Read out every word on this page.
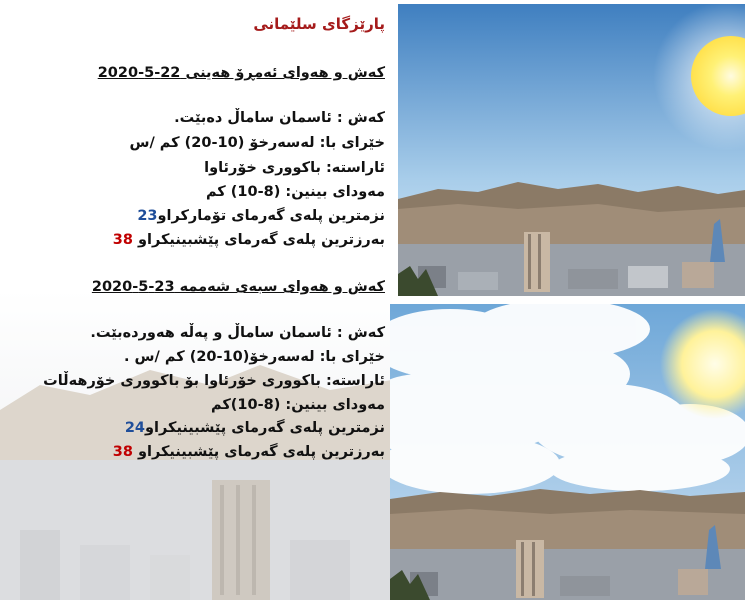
پارێزگای سلێمانی
کەش و هەوای ئەمڕۆ هەینی 22-5-2020
کەش : ئاسمان ساماڵ دەبێت.
خێرای با: لەسەرخۆ (10-20) کم /س
ئاراستە: باکووری خۆرئاوا
مەودای بینین: (8-10) کم
نزمترین پلەی گەرمای تۆمارکراو23
بەرزترین پلەی گەرمای پێشبینیکراو 38
کەش و هەوای سبەی شەممە 23-5-2020
کەش : ئاسمان ساماڵ و پەڵە هەوردەبێت.
خێرای با: لەسەرخۆ(10-20) کم /س .
ئاراستە: باکووری خۆرئاوا بۆ باکووری خۆرهەڵات
مەودای بینین: (8-10)کم
نزمترین پلەی گەرمای پێشبینیکراو24
بەرزترین پلەی گەرمای پێشبینیکراو 38
